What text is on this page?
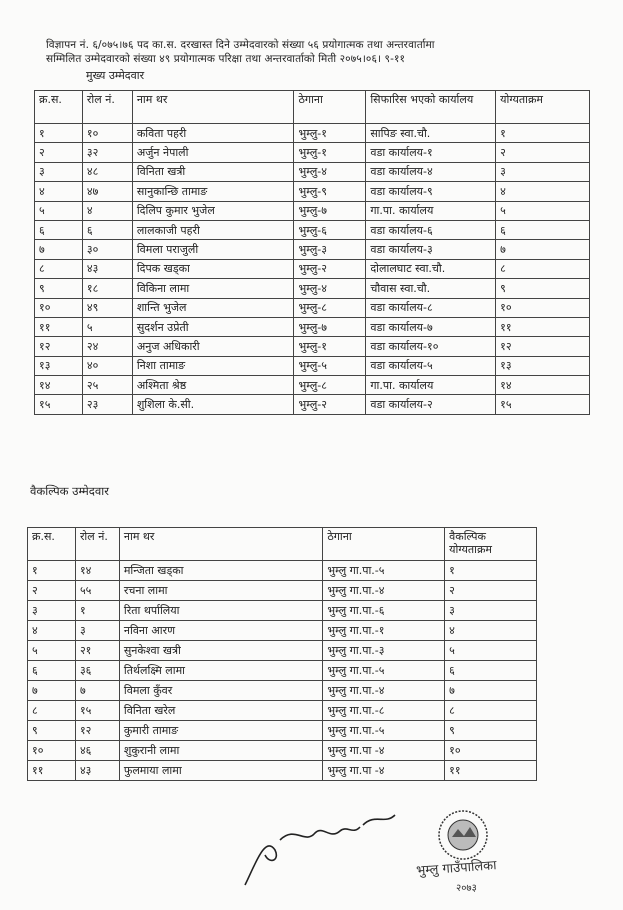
विज्ञापन नं. ६/०७५।७६ पद का.स. दरखास्त दिने उम्मेदवारको संख्या ५६ प्रयोगात्मक तथा अन्तरवार्तामा

सम्मिलित उम्मेदवारको संख्या ४९ प्रयोगात्मक परिक्षा तथा अन्तरवार्ताको मिती २०७५।०६। ९-११
मुख्य उम्मेदवार
क्र.स.	रोल नं.	नाम थर	ठेगाना	सिफारिस भएको कार्यालय	योग्यताक्रम
१	१०	कविता पहरी	भुम्लु-१	सापिङ स्वा.चौ.	१
२	३२	अर्जुन नेपाली	भुम्लु-१	वडा कार्यालय-१	२
३	४८	विनिता खत्री	भुम्लु-४	वडा कार्यालय-४	३
४	४७	सानुकान्छि तामाङ	भुम्लु-९	वडा कार्यालय-९	४
५	४	दिलिप कुमार भुजेल	भुम्लु-७	गा.पा. कार्यालय	५
६	६	लालकाजी पहरी	भुम्लु-६	वडा कार्यालय-६	६
७	३०	विमला पराजुली	भुम्लु-३	वडा कार्यालय-३	७
८	४३	दिपक खड्का	भुम्लु-२	दोलालघाट स्वा.चौ.	८
९	१८	विकिना लामा	भुम्लु-४	चौवास स्वा.चौ.	९
१०	४९	शान्ति भुजेल	भुम्लु-८	वडा कार्यालय-८	१०
११	५	सुदर्शन उप्रेती	भुम्लु-७	वडा कार्यालय-७	११
१२	२४	अनुज अधिकारी	भुम्लु-१	वडा कार्यालय-१०	१२
१३	४०	निशा तामाङ	भुम्लु-५	वडा कार्यालय-५	१३
१४	२५	अश्मिता श्रेष्ठ	भुम्लु-८	गा.पा. कार्यालय	१४
१५	२३	शुशिला के.सी.	भुम्लु-२	वडा कार्यालय-२	१५
वैकल्पिक उम्मेदवार
क्र.स.	रोल नं.	नाम थर	ठेगाना	वैकल्पिक योग्यताक्रम
१	१४	मन्जिता खड्का	भुम्लु गा.पा.-५	१
२	५५	रचना लामा	भुम्लु गा.पा.-४	२
३	१	रिता थर्पालिया	भुम्लु गा.पा.-६	३
४	३	नविना आरण	भुम्लु गा.पा.-१	४
५	२१	सुनकेश्वा खत्री	भुम्लु गा.पा.-३	५
६	३६	तिर्थलक्ष्मि लामा	भुम्लु गा.पा.-५	६
७	७	विमला कुँवर	भुम्लु गा.पा.-४	७
८	१५	विनिता खरेल	भुम्लु गा.पा.-८	८
९	१२	कुमारी तामाङ	भुम्लु गा.पा.-५	९
१०	४६	शुकुरानी लामा	भुम्लु गा.पा -४	१०
११	४३	फुलमाया लामा	भुम्लु गा.पा -४	११
भुम्लु गाउँपालिका
२०७३
